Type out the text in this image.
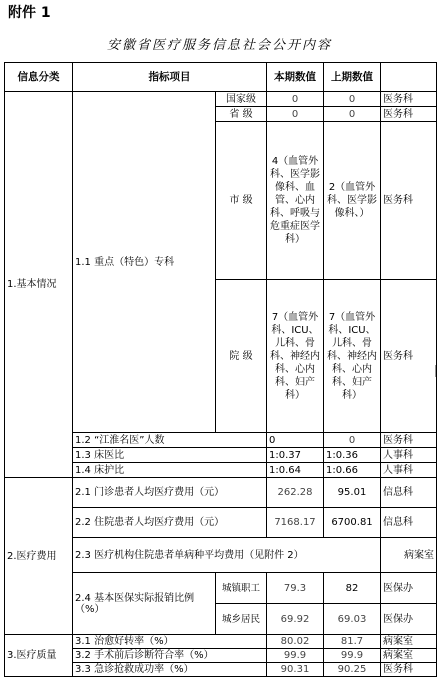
附件 1
安徽省医疗服务信息社会公开内容
信息分类	指标项目		本期数值	上期数值	
1.基本情况	1.1 重点（特色）专科	国家级	0	0	医务科
		省 级	0	0	医务科
		市 级	4（血管外科、医学影像科、血管、心内科、呼吸与危重症医学科）	2（血管外科、医学影像科、）	医务科
		院 级	7（血管外科、ICU、儿科、骨科、神经内科、心内科、妇产科）	7（血管外科、ICU、儿科、骨科、神经内科、心内科、妇产科）	医务科
	1.2 “江淮名医”人数		0	0	医务科
	1.3 床医比		1:0.37	1:0.36	人事科
	1.4 床护比		1:0.64	1:0.66	人事科
2.医疗费用	2.1 门诊患者人均医疗费用（元）		262.28	95.01	信息科
	2.2 住院患者人均医疗费用（元）		7168.17	6700.81	信息科
	2.3 医疗机构住院患者单病种平均费用（见附件 2）				病案室
	2.4 基本医保实际报销比例（%）	城镇职工	79.3	82	医保办
		城乡居民	69.92	69.03	医保办
3.医疗质量	3.1 治愈好转率（%）		80.02	81.7	病案室
	3.2 手术前后诊断符合率（%）		99.9	99.9	病案室
	3.3 急诊抢救成功率（%）		90.31	90.25	医务科
